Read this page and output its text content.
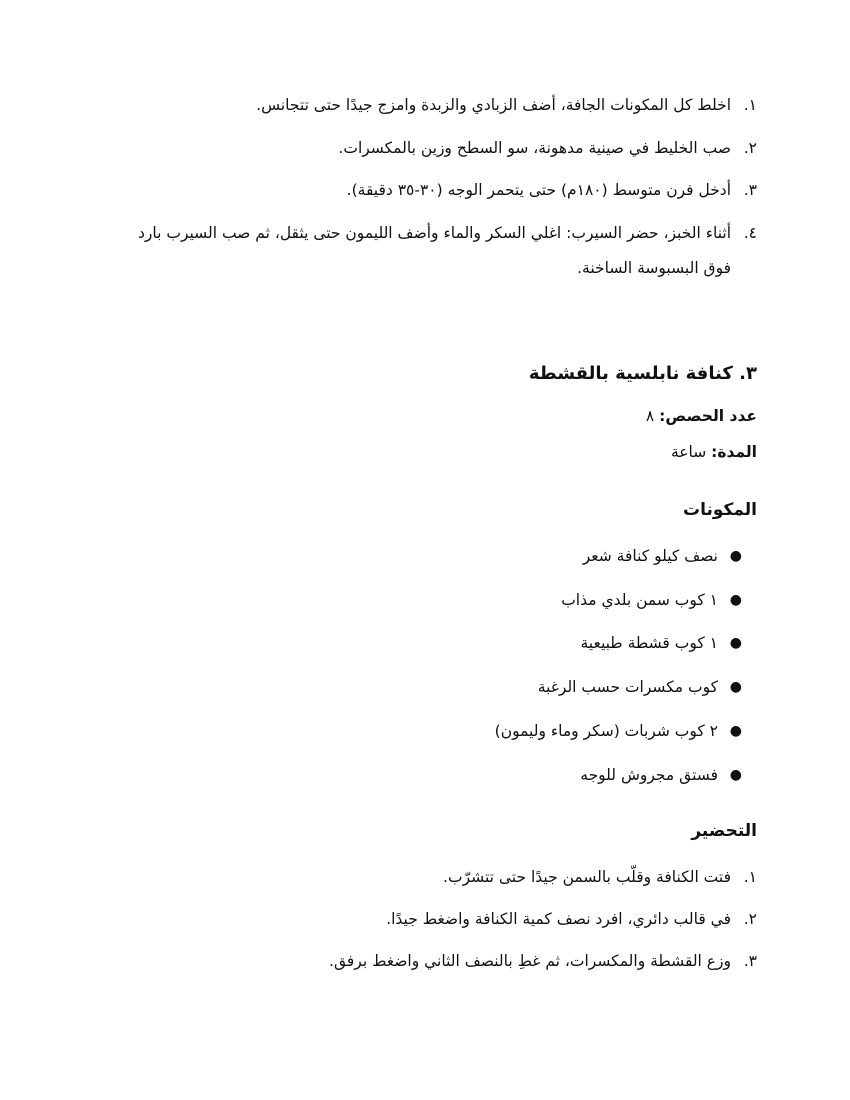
١.اخلط كل المكونات الجافة، أضف الزبادي والزبدة وامزج جيدًا حتى تتجانس.
٢.صب الخليط في صينية مدهونة، سو السطح وزين بالمكسرات.
٣.أدخل فرن متوسط (١٨٠م) حتى يتحمر الوجه (٣٠-٣٥ دقيقة).
٤.أثناء الخبز، حضر السيرب: اغلي السكر والماء وأضف الليمون حتى يثقل، ثم صب السيرب بارد
فوق البسبوسة الساخنة.
٣. كنافة نابلسية بالقشطة
عدد الحصص: ٨
المدة: ساعة
المكونات
●
نصف كيلو كنافة شعر
●
١ كوب سمن بلدي مذاب
●
١ كوب قشطة طبيعية
●
كوب مكسرات حسب الرغبة
●
٢ كوب شربات (سكر وماء وليمون)
●
فستق مجروش للوجه
التحضير
١.فتت الكنافة وقلّب بالسمن جيدًا حتى تتشرّب.
٢.في قالب دائري، افرد نصف كمية الكنافة واضغط جيدًا.
٣.وزع القشطة والمكسرات، ثم غطِ بالنصف الثاني واضغط برفق.
